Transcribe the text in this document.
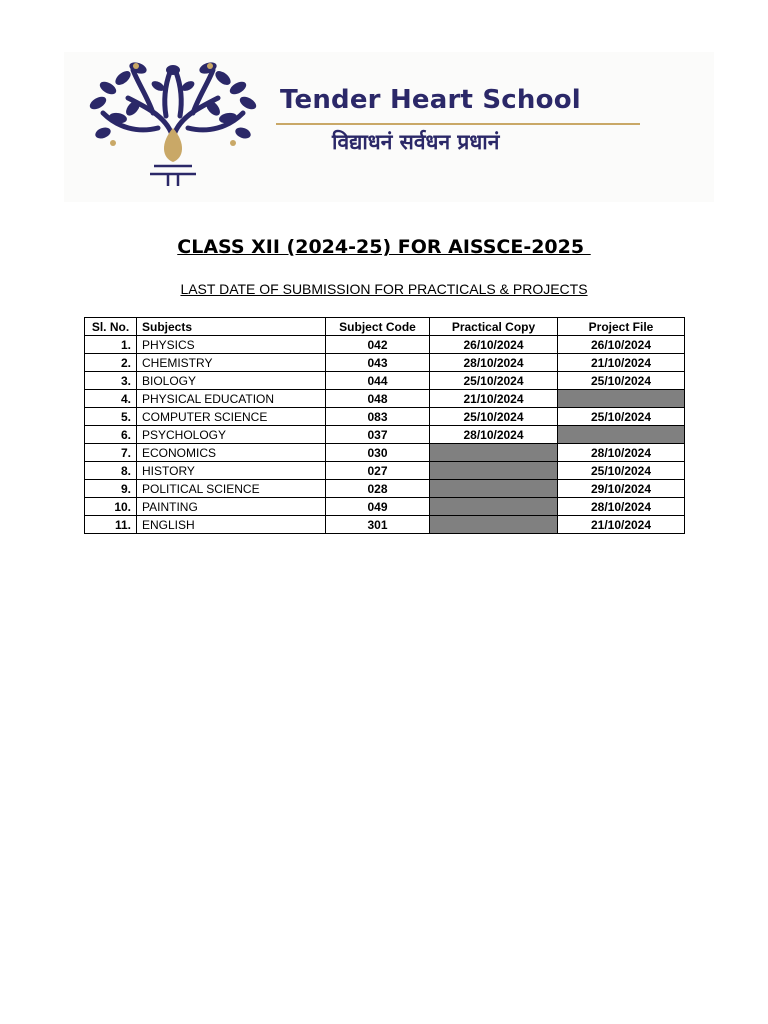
Tender Heart School
विद्याधनं सर्वधन प्रधानं
CLASS XII (2024-25) FOR AISSCE-2025
LAST DATE OF SUBMISSION FOR PRACTICALS & PROJECTS
Sl. No.	Subjects	Subject Code	Practical Copy	Project File
1.	PHYSICS	042	26/10/2024	26/10/2024
2.	CHEMISTRY	043	28/10/2024	21/10/2024
3.	BIOLOGY	044	25/10/2024	25/10/2024
4.	PHYSICAL EDUCATION	048	21/10/2024	
5.	COMPUTER SCIENCE	083	25/10/2024	25/10/2024
6.	PSYCHOLOGY	037	28/10/2024	
7.	ECONOMICS	030		28/10/2024
8.	HISTORY	027		25/10/2024
9.	POLITICAL SCIENCE	028		29/10/2024
10.	PAINTING	049		28/10/2024
11.	ENGLISH	301		21/10/2024
